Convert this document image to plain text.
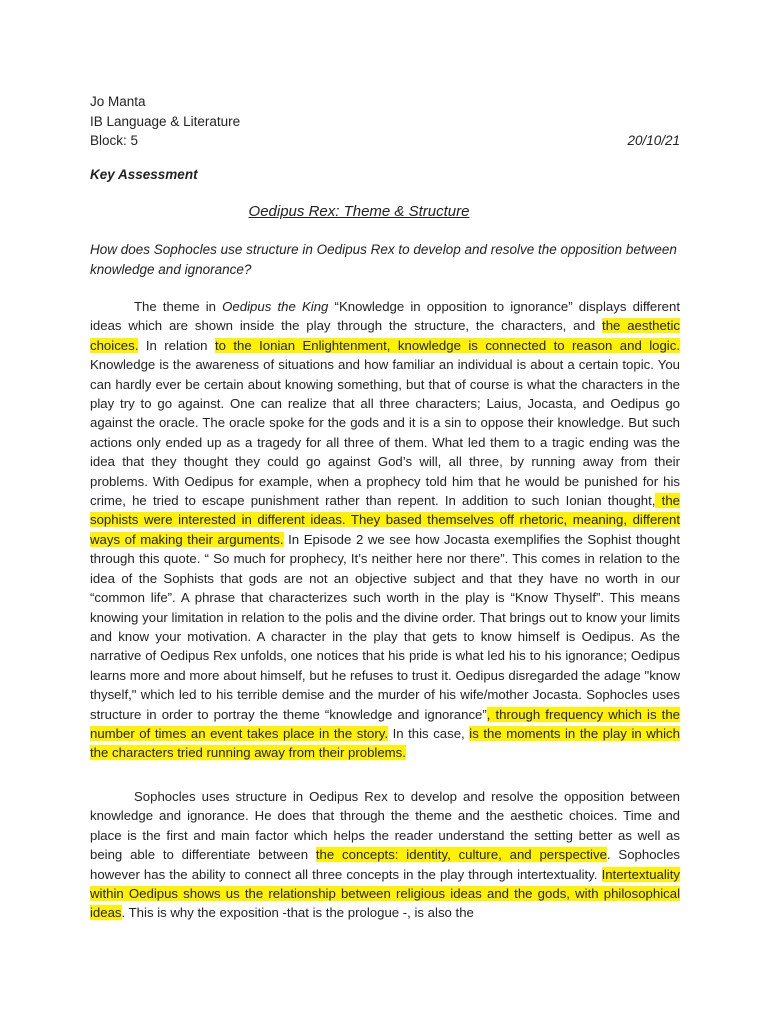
Jo Manta
IB Language & Literature
Block: 5	20/10/21
Key Assessment
Oedipus Rex: Theme & Structure
How does Sophocles use structure in Oedipus Rex to develop and resolve the opposition between knowledge and ignorance?
The theme in Oedipus the King “Knowledge in opposition to ignorance” displays different ideas which are shown inside the play through the structure, the characters, and the aesthetic choices. In relation to the Ionian Enlightenment, knowledge is connected to reason and logic. Knowledge is the awareness of situations and how familiar an individual is about a certain topic. You can hardly ever be certain about knowing something, but that of course is what the characters in the play try to go against. One can realize that all three characters; Laius, Jocasta, and Oedipus go against the oracle. The oracle spoke for the gods and it is a sin to oppose their knowledge. But such actions only ended up as a tragedy for all three of them. What led them to a tragic ending was the idea that they thought they could go against God’s will, all three, by running away from their problems. With Oedipus for example, when a prophecy told him that he would be punished for his crime, he tried to escape punishment rather than repent. In addition to such Ionian thought, the sophists were interested in different ideas. They based themselves off rhetoric, meaning, different ways of making their arguments. In Episode 2 we see how Jocasta exemplifies the Sophist thought through this quote. “ So much for prophecy, It’s neither here nor there”. This comes in relation to the idea of the Sophists that gods are not an objective subject and that they have no worth in our “common life”. A phrase that characterizes such worth in the play is “Know Thyself”. This means knowing your limitation in relation to the polis and the divine order. That brings out to know your limits and know your motivation. A character in the play that gets to know himself is Oedipus. As the narrative of Oedipus Rex unfolds, one notices that his pride is what led his to his ignorance; Oedipus learns more and more about himself, but he refuses to trust it. Oedipus disregarded the adage "know thyself," which led to his terrible demise and the murder of his wife/mother Jocasta. Sophocles uses structure in order to portray the theme “knowledge and ignorance”, through frequency which is the number of times an event takes place in the story. In this case, is the moments in the play in which the characters tried running away from their problems.
Sophocles uses structure in Oedipus Rex to develop and resolve the opposition between knowledge and ignorance. He does that through the theme and the aesthetic choices. Time and place is the first and main factor which helps the reader understand the setting better as well as being able to differentiate between the concepts: identity, culture, and perspective. Sophocles however has the ability to connect all three concepts in the play through intertextuality. Intertextuality within Oedipus shows us the relationship between religious ideas and the gods, with philosophical ideas. This is why the exposition -that is the prologue -, is also the
